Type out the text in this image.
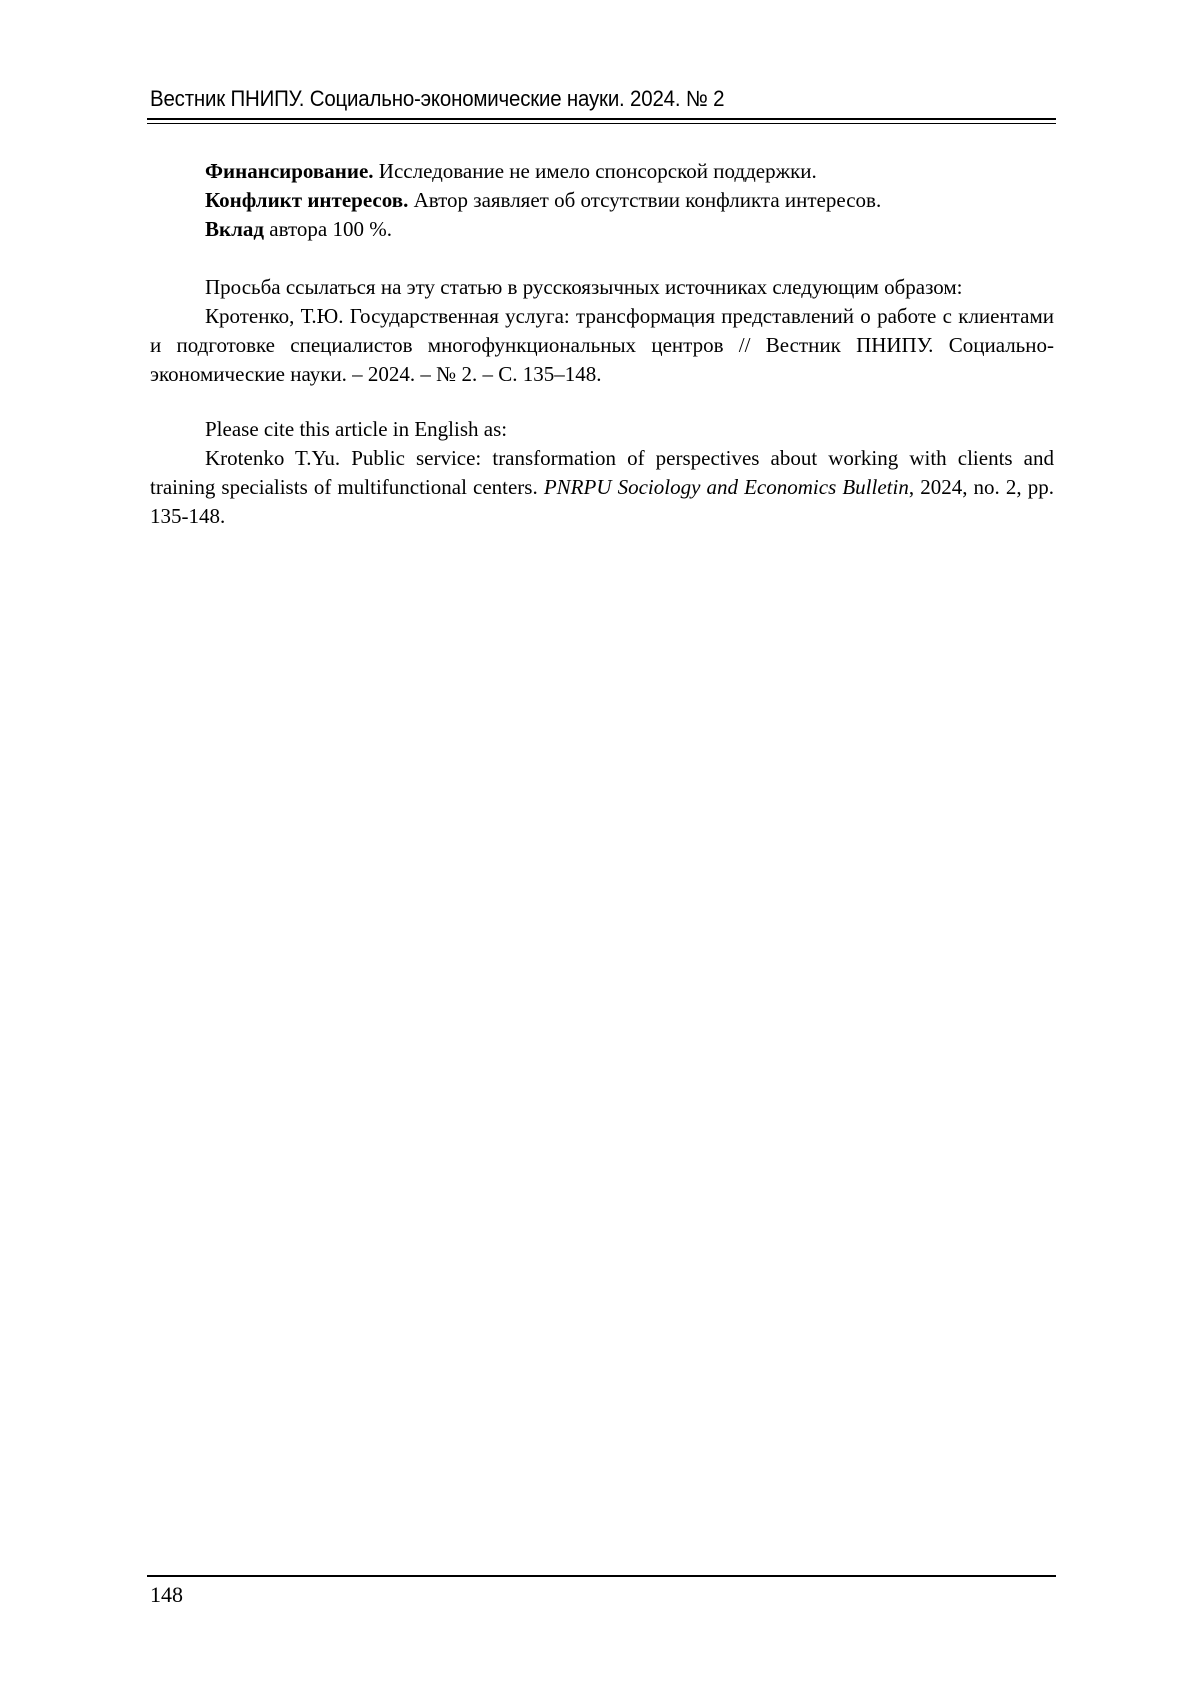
Вестник ПНИПУ. Социально-экономические науки. 2024. № 2

Финансирование. Исследование не имело спонсорской поддержки.

Конфликт интересов. Автор заявляет об отсутствии конфликта интересов.

Вклад автора 100 %.

Просьба ссылаться на эту статью в русскоязычных источниках следующим образом:

Кротенко, Т.Ю. Государственная услуга: трансформация представлений о работе с клиентами и подготовке специалистов многофункциональных центров // Вестник ПНИПУ. Социально-экономические науки. – 2024. – № 2. – С. 135–148.

Please cite this article in English as:

Krotenko T.Yu. Public service: transformation of perspectives about working with clients and training specialists of multifunctional centers. PNRPU Sociology and Economics Bulletin, 2024, no. 2, pp. 135-148.

148
